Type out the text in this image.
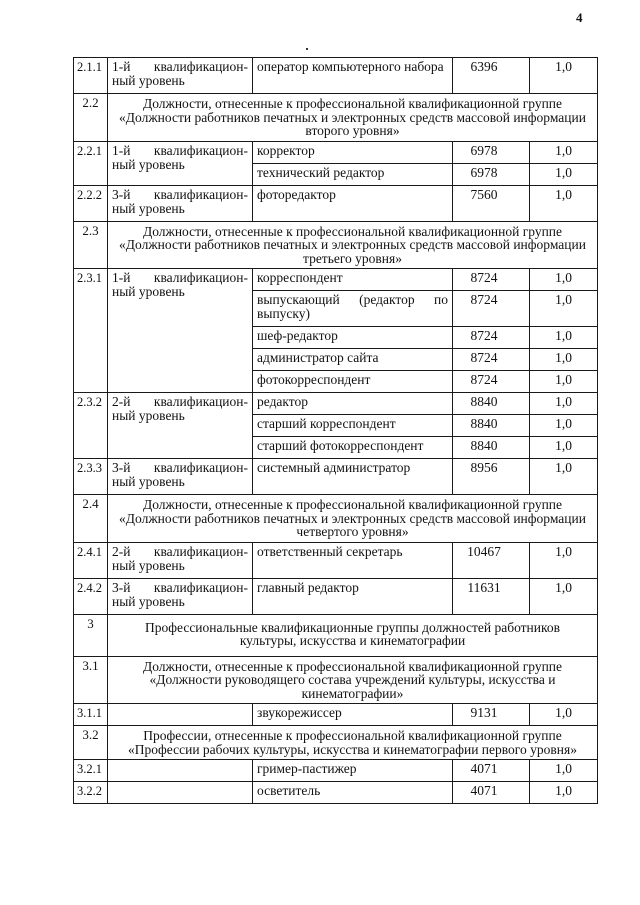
4
2.1.1	1-й квалификацион-ный уровень	оператор компьютерного набора	6396	1,0
2.2	Должности, отнесенные к профессиональной квалификационной группе «Должности работников печатных и электронных средств массовой информации второго уровня»			
2.2.1	1-й квалификацион-ный уровень	корректор	6978	1,0
		технический редактор	6978	1,0
2.2.2	3-й квалификацион-ный уровень	фоторедактор	7560	1,0
2.3	Должности, отнесенные к профессиональной квалификационной группе «Должности работников печатных и электронных средств массовой информации третьего уровня»			
2.3.1	1-й квалификацион-ный уровень	корреспондент	8724	1,0
		выпускающий (редактор по выпуску)	8724	1,0
		шеф-редактор	8724	1,0
		администратор сайта	8724	1,0
		фотокорреспондент	8724	1,0
2.3.2	2-й квалификацион-ный уровень	редактор	8840	1,0
		старший корреспондент	8840	1,0
		старший фотокорреспондент	8840	1,0
2.3.3	3-й квалификацион-ный уровень	системный администратор	8956	1,0
2.4	Должности, отнесенные к профессиональной квалификационной группе «Должности работников печатных и электронных средств массовой информации четвертого уровня»			
2.4.1	2-й квалификацион-ный уровень	ответственный секретарь	10467	1,0
2.4.2	3-й квалификацион-ный уровень	главный редактор	11631	1,0
3	Профессиональные квалификационные группы должностей работников культуры, искусства и кинематографии			
3.1	Должности, отнесенные к профессиональной квалификационной группе «Должности руководящего состава учреждений культуры, искусства и кинематографии»			
3.1.1		звукорежиссер	9131	1,0
3.2	Профессии, отнесенные к профессиональной квалификационной группе «Профессии рабочих культуры, искусства и кинематографии первого уровня»			
3.2.1		гример-пастижер	4071	1,0
3.2.2		осветитель	4071	1,0
